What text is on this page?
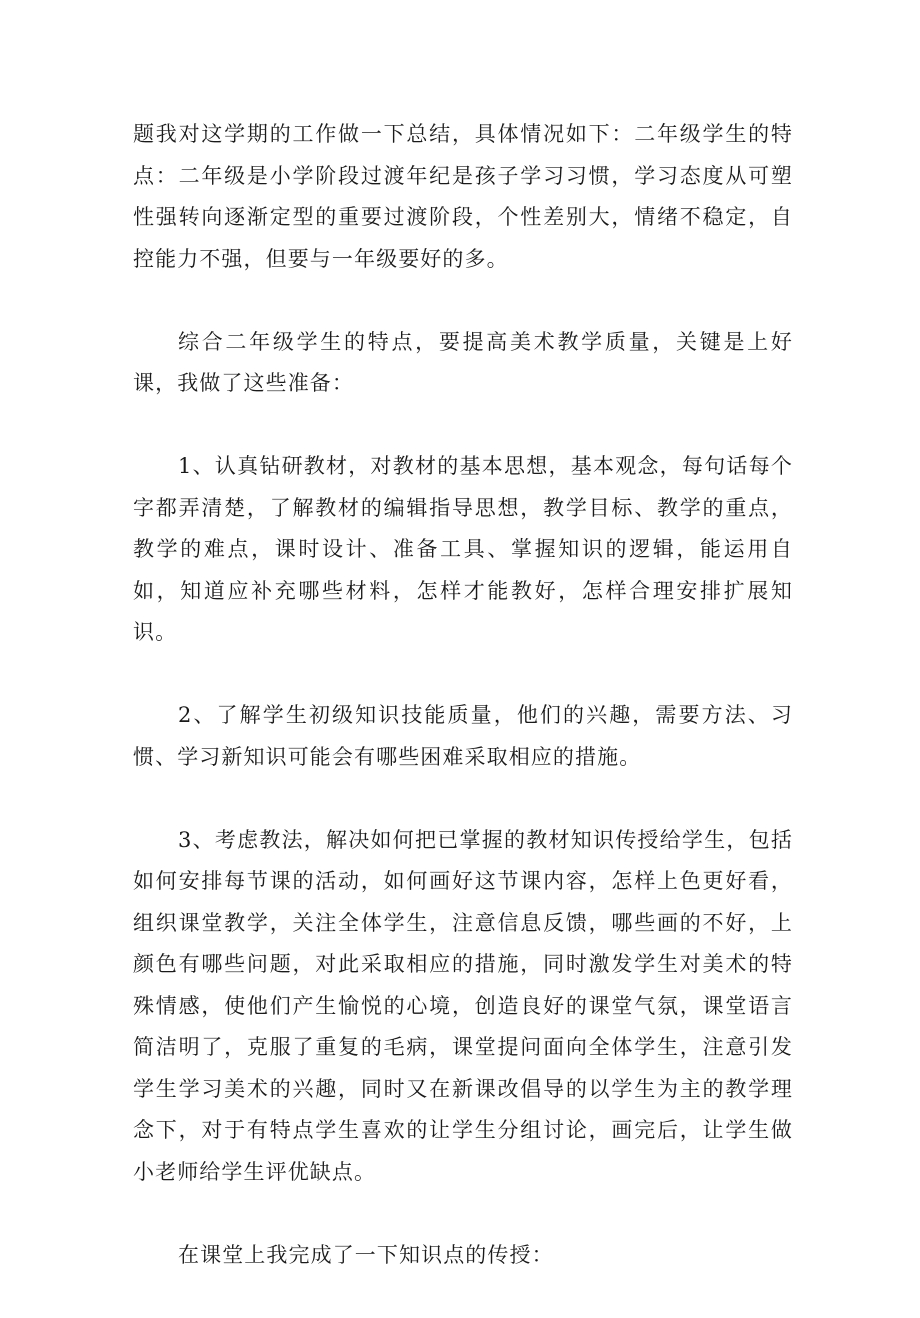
题我对这学期的工作做一下总结，具体情况如下：二年级学生的特点：二年级是小学阶段过渡年纪是孩子学习习惯，学习态度从可塑性强转向逐渐定型的重要过渡阶段，个性差别大，情绪不稳定，自控能力不强，但要与一年级要好的多。

综合二年级学生的特点，要提高美术教学质量，关键是上好课，我做了这些准备：

1、认真钻研教材，对教材的基本思想，基本观念，每句话每个字都弄清楚，了解教材的编辑指导思想，教学目标、教学的重点，教学的难点，课时设计、准备工具、掌握知识的逻辑，能运用自如，知道应补充哪些材料，怎样才能教好，怎样合理安排扩展知识。

2、了解学生初级知识技能质量，他们的兴趣，需要方法、习惯、学习新知识可能会有哪些困难采取相应的措施。

3、考虑教法，解决如何把已掌握的教材知识传授给学生，包括如何安排每节课的活动，如何画好这节课内容，怎样上色更好看，组织课堂教学，关注全体学生，注意信息反馈，哪些画的不好，上颜色有哪些问题，对此采取相应的措施，同时激发学生对美术的特殊情感，使他们产生愉悦的心境，创造良好的课堂气氛，课堂语言简洁明了，克服了重复的毛病，课堂提问面向全体学生，注意引发学生学习美术的兴趣，同时又在新课改倡导的以学生为主的教学理念下，对于有特点学生喜欢的让学生分组讨论，画完后，让学生做小老师给学生评优缺点。

在课堂上我完成了一下知识点的传授：
